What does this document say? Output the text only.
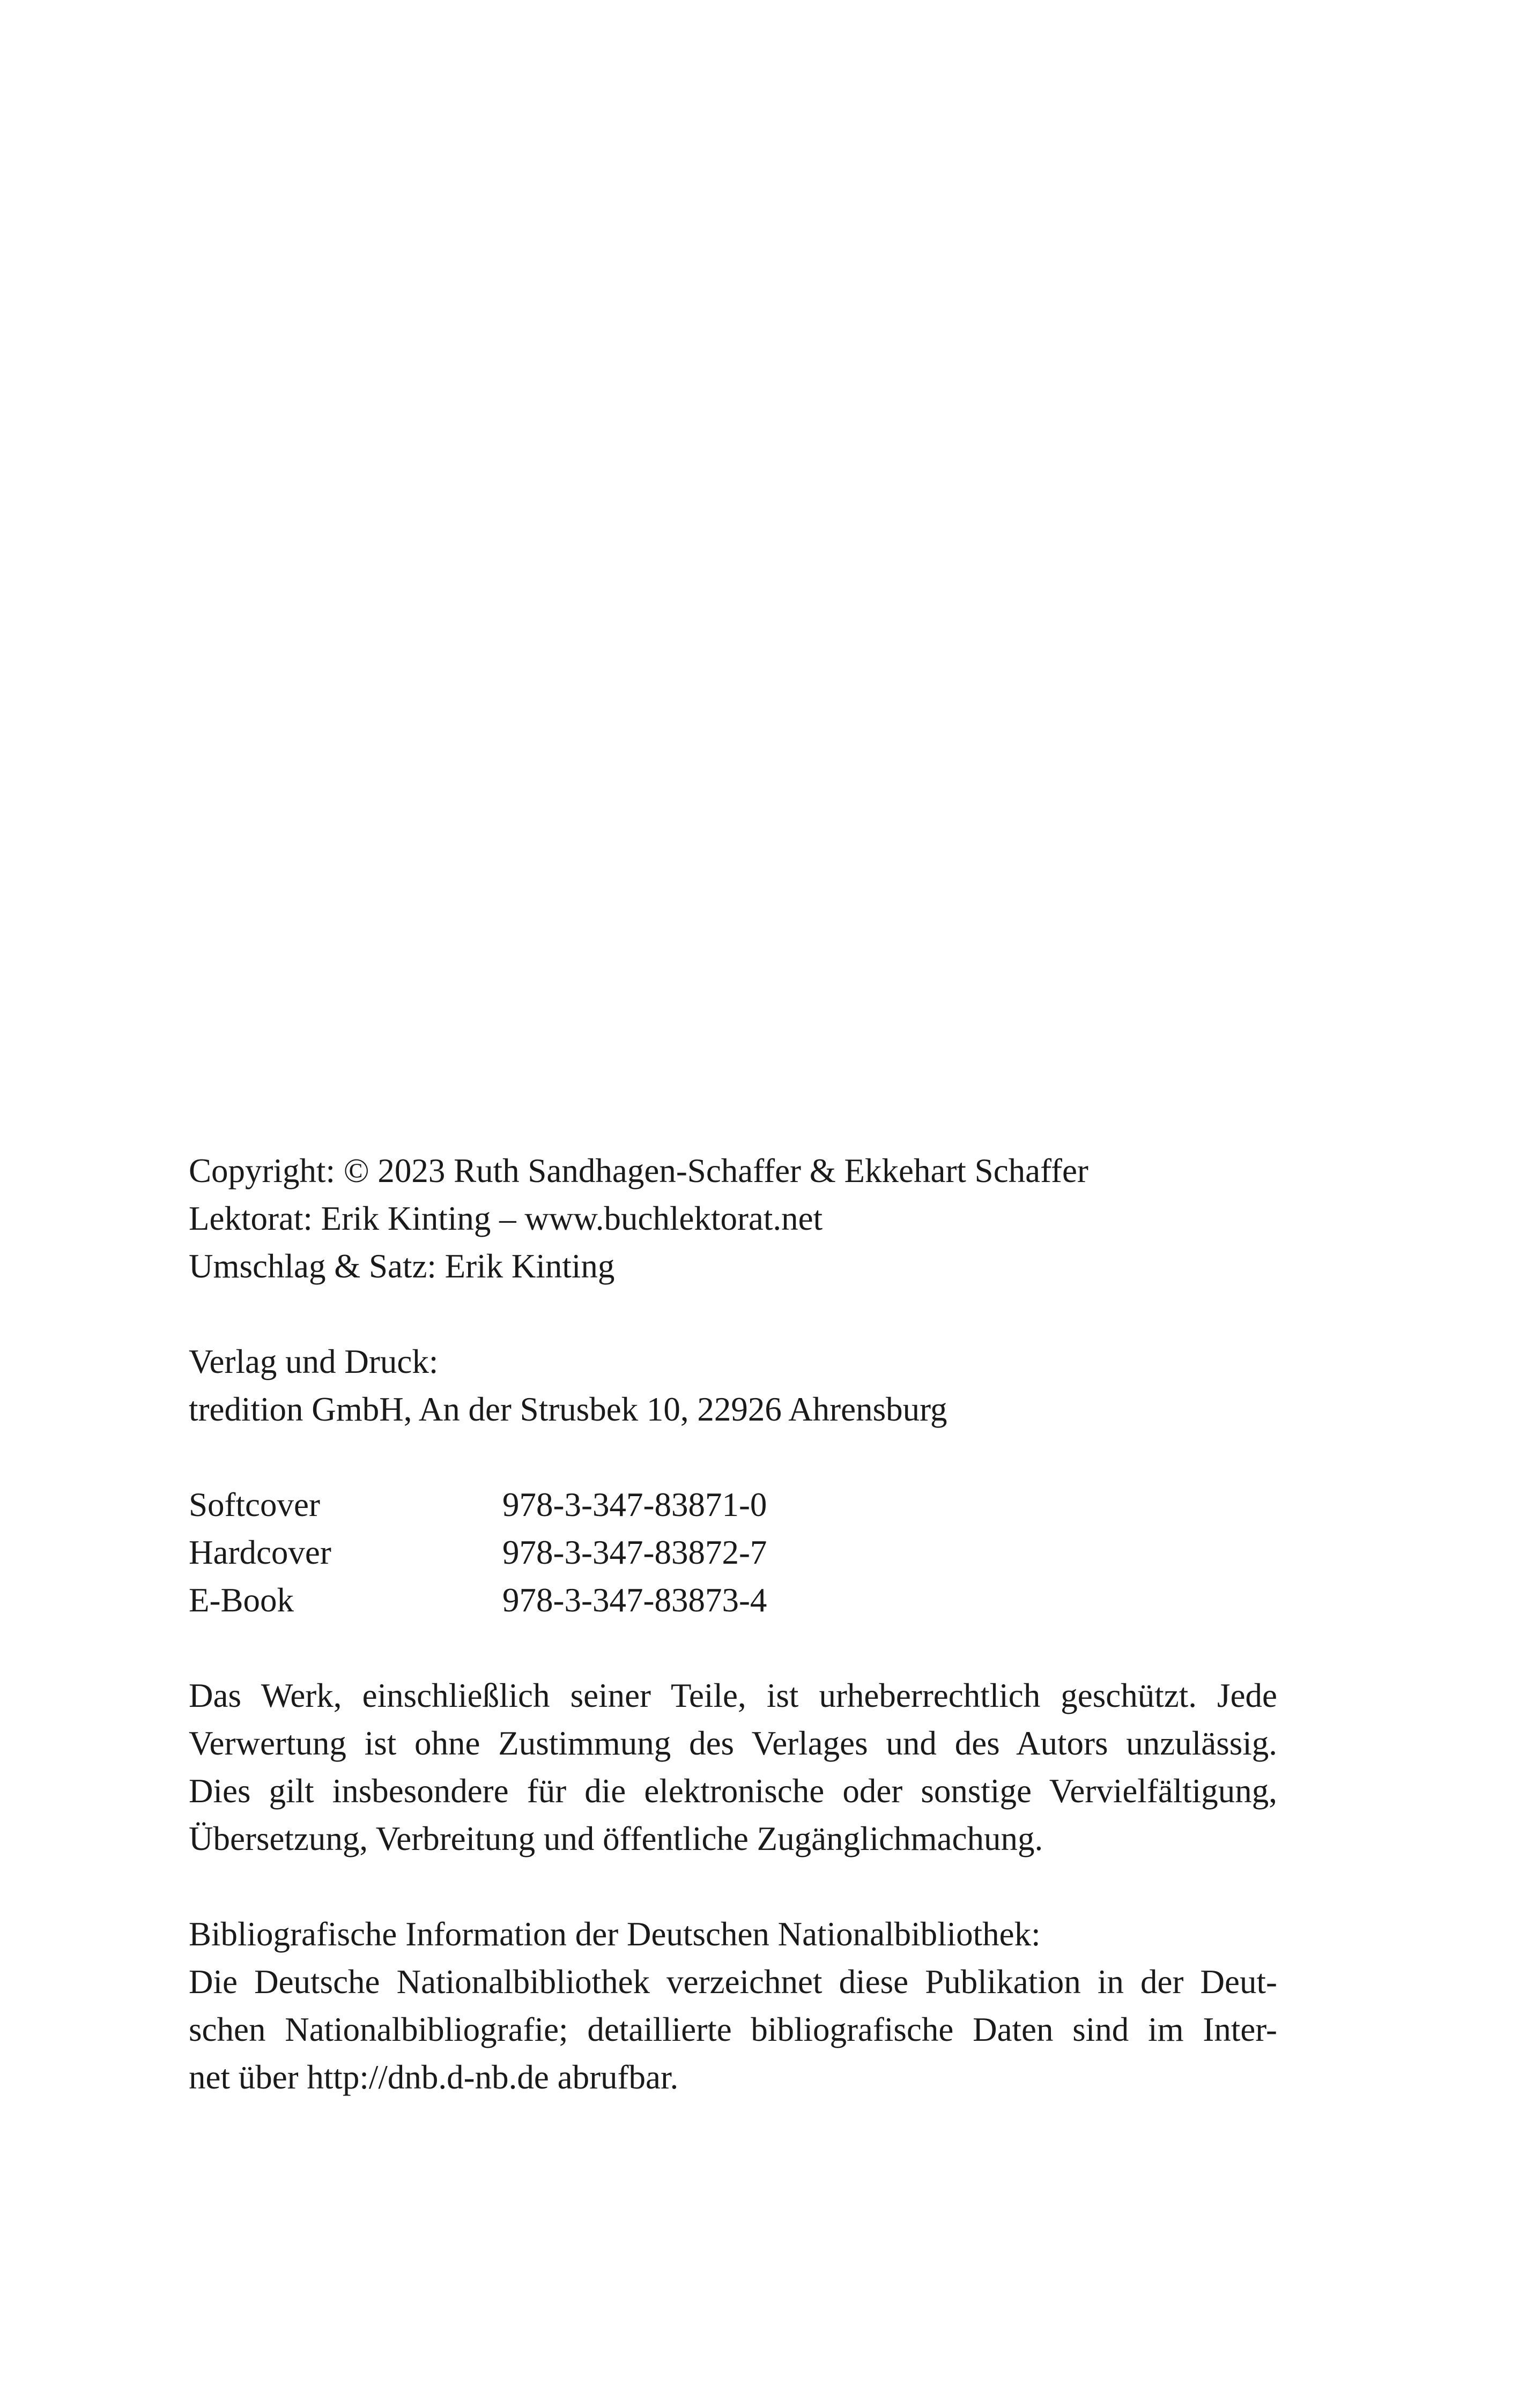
Copyright: © 2023 Ruth Sandhagen-Schaffer & Ekkehart Schaffer
Lektorat: Erik Kinting – www.buchlektorat.net
Umschlag & Satz: Erik Kinting
Verlag und Druck:
tredition GmbH, An der Strusbek 10, 22926 Ahrensburg
Softcover	978-3-347-83871-0
Hardcover	978-3-347-83872-7
E-Book	978-3-347-83873-4
Das Werk, einschließlich seiner Teile, ist urheberrechtlich geschützt. Jede
Verwertung ist ohne Zustimmung des Verlages und des Autors unzulässig.
Dies gilt insbesondere für die elektronische oder sonstige Vervielfältigung,
Übersetzung, Verbreitung und öffentliche Zugänglichmachung.
Bibliografische Information der Deutschen Nationalbibliothek:
Die Deutsche Nationalbibliothek verzeichnet diese Publikation in der Deut-
schen Nationalbibliografie; detaillierte bibliografische Daten sind im Inter-
net über http://dnb.d-nb.de abrufbar.
